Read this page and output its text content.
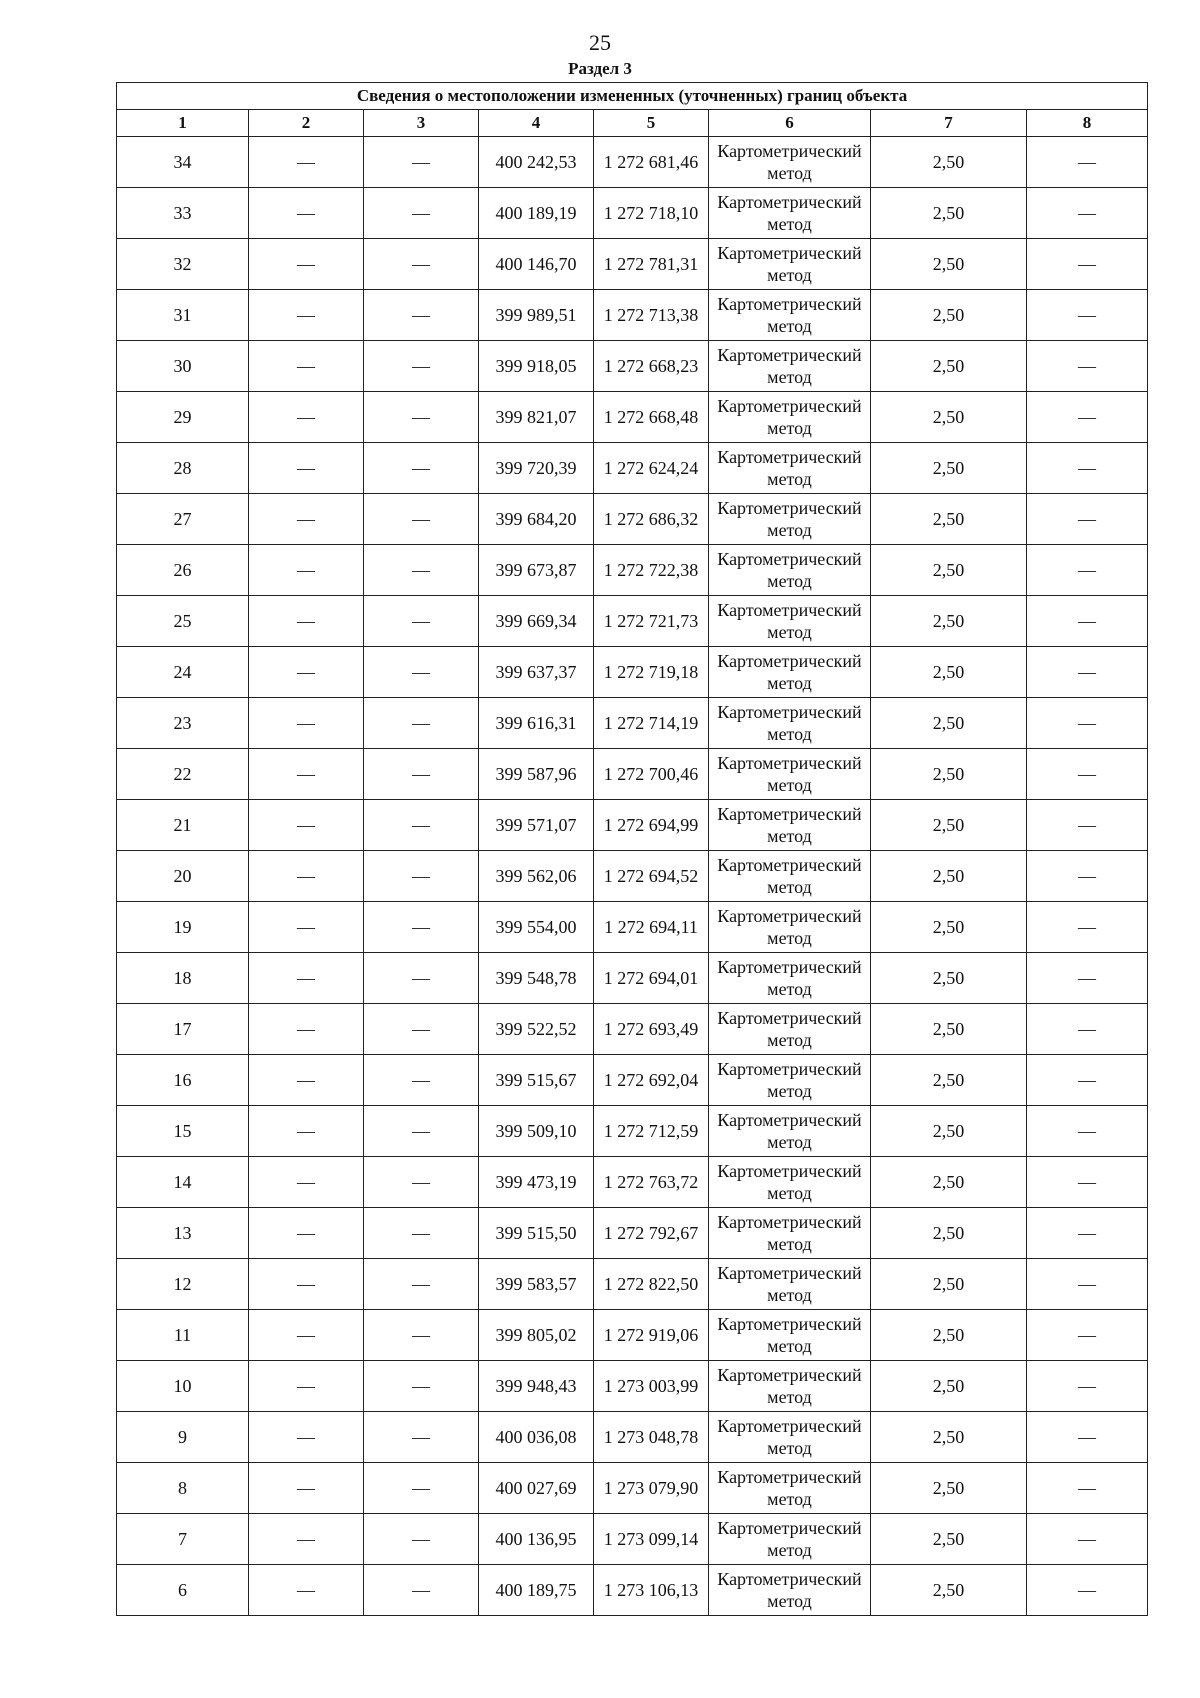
25
Раздел 3
Сведения о местоположении измененных (уточненных) границ объекта							
1	2	3	4	5	6	7	8
34	—	—	400 242,53	1 272 681,46	Картометрический метод	2,50	—
33	—	—	400 189,19	1 272 718,10	Картометрический метод	2,50	—
32	—	—	400 146,70	1 272 781,31	Картометрический метод	2,50	—
31	—	—	399 989,51	1 272 713,38	Картометрический метод	2,50	—
30	—	—	399 918,05	1 272 668,23	Картометрический метод	2,50	—
29	—	—	399 821,07	1 272 668,48	Картометрический метод	2,50	—
28	—	—	399 720,39	1 272 624,24	Картометрический метод	2,50	—
27	—	—	399 684,20	1 272 686,32	Картометрический метод	2,50	—
26	—	—	399 673,87	1 272 722,38	Картометрический метод	2,50	—
25	—	—	399 669,34	1 272 721,73	Картометрический метод	2,50	—
24	—	—	399 637,37	1 272 719,18	Картометрический метод	2,50	—
23	—	—	399 616,31	1 272 714,19	Картометрический метод	2,50	—
22	—	—	399 587,96	1 272 700,46	Картометрический метод	2,50	—
21	—	—	399 571,07	1 272 694,99	Картометрический метод	2,50	—
20	—	—	399 562,06	1 272 694,52	Картометрический метод	2,50	—
19	—	—	399 554,00	1 272 694,11	Картометрический метод	2,50	—
18	—	—	399 548,78	1 272 694,01	Картометрический метод	2,50	—
17	—	—	399 522,52	1 272 693,49	Картометрический метод	2,50	—
16	—	—	399 515,67	1 272 692,04	Картометрический метод	2,50	—
15	—	—	399 509,10	1 272 712,59	Картометрический метод	2,50	—
14	—	—	399 473,19	1 272 763,72	Картометрический метод	2,50	—
13	—	—	399 515,50	1 272 792,67	Картометрический метод	2,50	—
12	—	—	399 583,57	1 272 822,50	Картометрический метод	2,50	—
11	—	—	399 805,02	1 272 919,06	Картометрический метод	2,50	—
10	—	—	399 948,43	1 273 003,99	Картометрический метод	2,50	—
9	—	—	400 036,08	1 273 048,78	Картометрический метод	2,50	—
8	—	—	400 027,69	1 273 079,90	Картометрический метод	2,50	—
7	—	—	400 136,95	1 273 099,14	Картометрический метод	2,50	—
6	—	—	400 189,75	1 273 106,13	Картометрический метод	2,50	—
